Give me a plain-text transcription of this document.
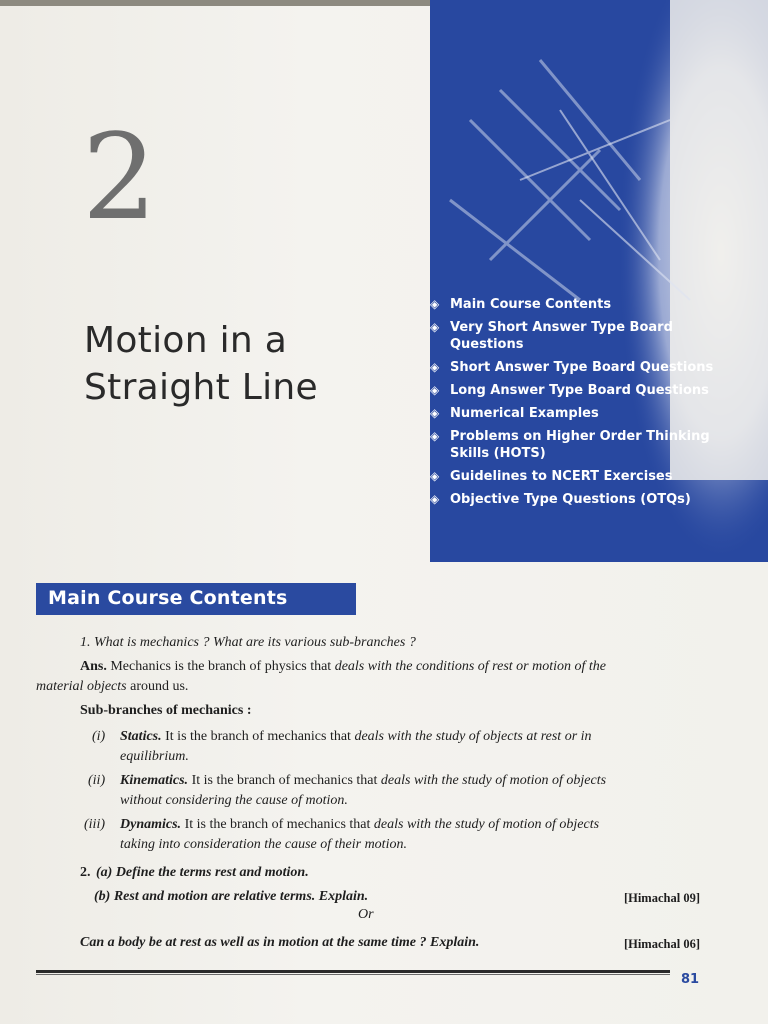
2
Motion in a
Straight Line
◈ Main Course Contents
◈ Very Short Answer Type Board Questions
◈ Short Answer Type Board Questions
◈ Long Answer Type Board Questions
◈ Numerical Examples
◈ Problems on Higher Order Thinking Skills (HOTS)
◈ Guidelines to NCERT Exercises
◈ Objective Type Questions (OTQs)
Main Course Contents
1. What is mechanics ? What are its various sub-branches ?
Ans. Mechanics is the branch of physics that deals with the conditions of rest or motion of the
material objects around us.
Sub-branches of mechanics :
(i) Statics. It is the branch of mechanics that deals with the study of objects at rest or in
equilibrium.
(ii) Kinematics. It is the branch of mechanics that deals with the study of motion of objects
without considering the cause of motion.
(iii) Dynamics. It is the branch of mechanics that deals with the study of motion of objects
taking into consideration the cause of their motion.
2. (a) Define the terms rest and motion.
(b) Rest and motion are relative terms. Explain.	[Himachal 09]
Or
Can a body be at rest as well as in motion at the same time ? Explain.	[Himachal 06]
81
